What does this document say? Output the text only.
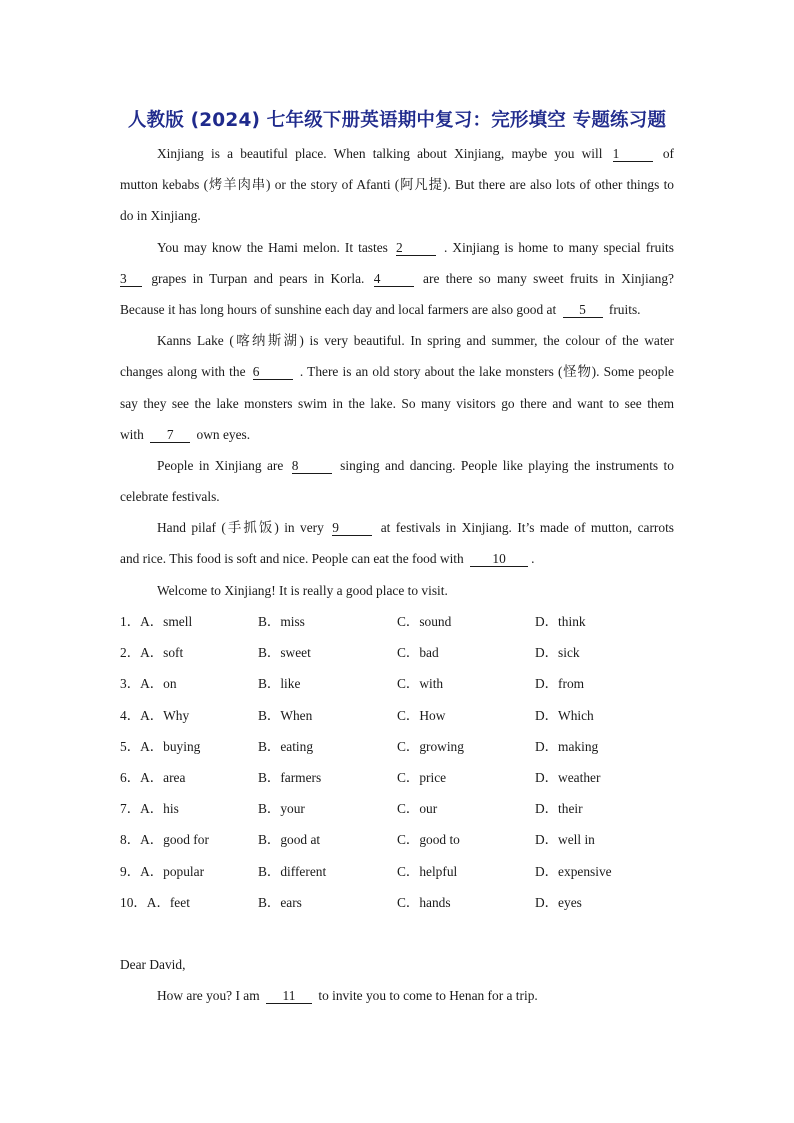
人教版 (2024) 七年级下册英语期中复习：完形填空 专题练习题
Xinjiang is a beautiful place. When talking about Xinjiang, maybe you will 1	of
mutton kebabs (烤羊肉串) or the story of Afanti (阿凡提). But there are also lots of other things to
do in Xinjiang.
You may know the Hami melon. It tastes 2	. Xinjiang is home to many special fruits
3 grapes in Turpan and pears in Korla. 4	are there so many sweet fruits in Xinjiang?
Because it has long hours of sunshine each day and local farmers are also good at 5 fruits.
Kanns Lake (喀纳斯湖) is very beautiful. In spring and summer, the colour of the water
changes along with the 6	. There is an old story about the lake monsters (怪物). Some people
say they see the lake monsters swim in the lake. So many visitors go there and want to see them
with 7 own eyes.
People in Xinjiang are 8	singing and dancing. People like playing the instruments to
celebrate festivals.
Hand pilaf (手抓饭) in very 9	at festivals in Xinjiang. It’s made of mutton, carrots
and rice. This food is soft and nice. People can eat the food with 10 .
Welcome to Xinjiang! It is really a good place to visit.
1．A．smell	B．miss	C．sound	D．think
2．A．soft	B．sweet	C．bad	D．sick
3．A．on	B．like	C．with	D．from
4．A．Why	B．When	C．How	D．Which
5．A．buying	B．eating	C．growing	D．making
6．A．area	B．farmers	C．price	D．weather
7．A．his	B．your	C．our	D．their
8．A．good for	B．good at	C．good to	D．well in
9．A．popular	B．different	C．helpful	D．expensive
10．A．feet	B．ears	C．hands	D．eyes
Dear David,
How are you? I am 11 to invite you to come to Henan for a trip.
